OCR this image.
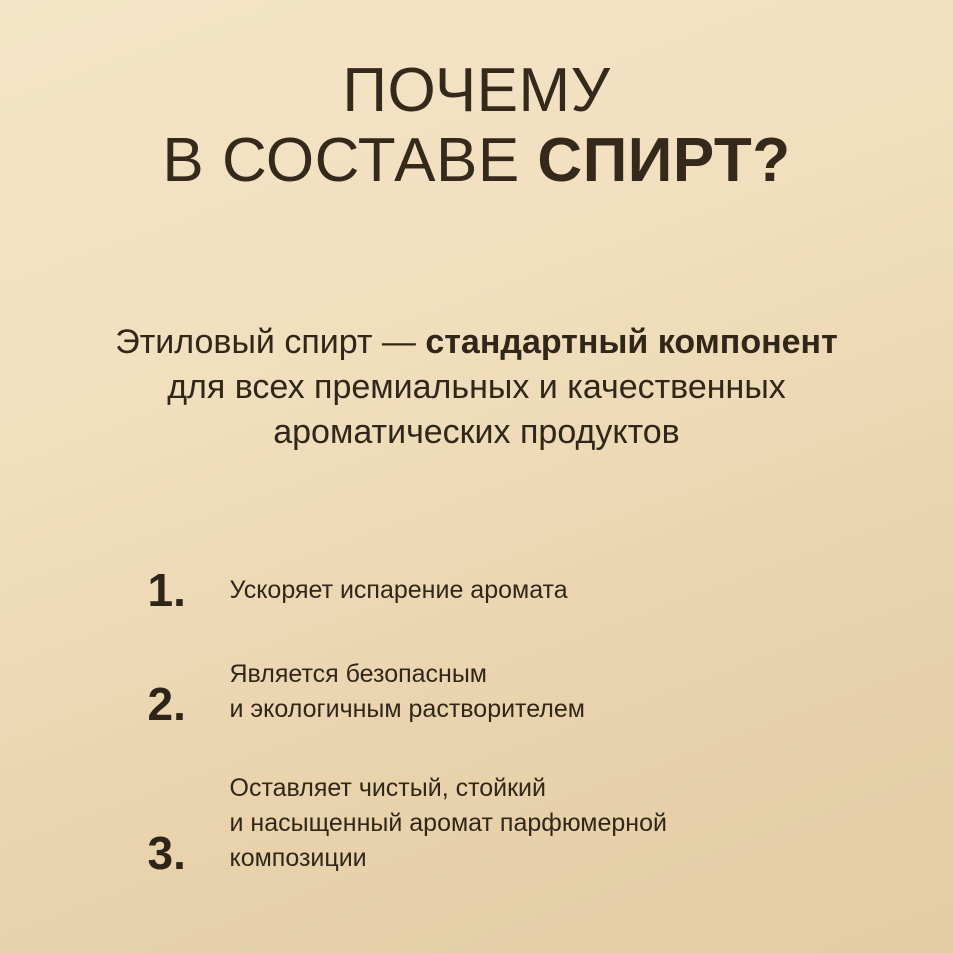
ПОЧЕМУ
В СОСТАВЕ СПИРТ?

Этиловый спирт — стандартный компонент для всех премиальных и качественных ароматических продуктов

1.	Ускоряет испарение аромата
2.
Является безопасным
и экологичным растворителем
3.
Оставляет чистый, стойкий
и насыщенный аромат парфюмерной
композиции
